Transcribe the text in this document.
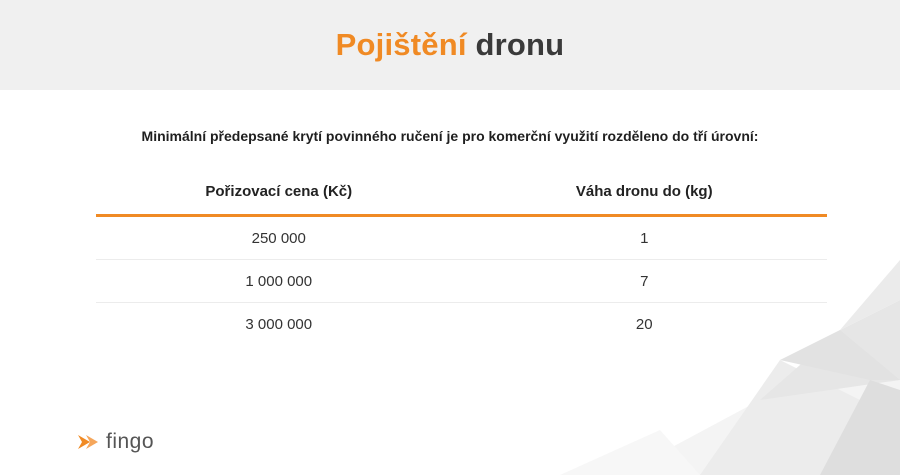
Pojištění dronu
Minimální předepsané krytí povinného ručení je pro komerční využití rozděleno do tří úrovní:
Pořizovací cena (Kč)	Váha dronu do (kg)
250 000	1
1 000 000	7
3 000 000	20
fingo
